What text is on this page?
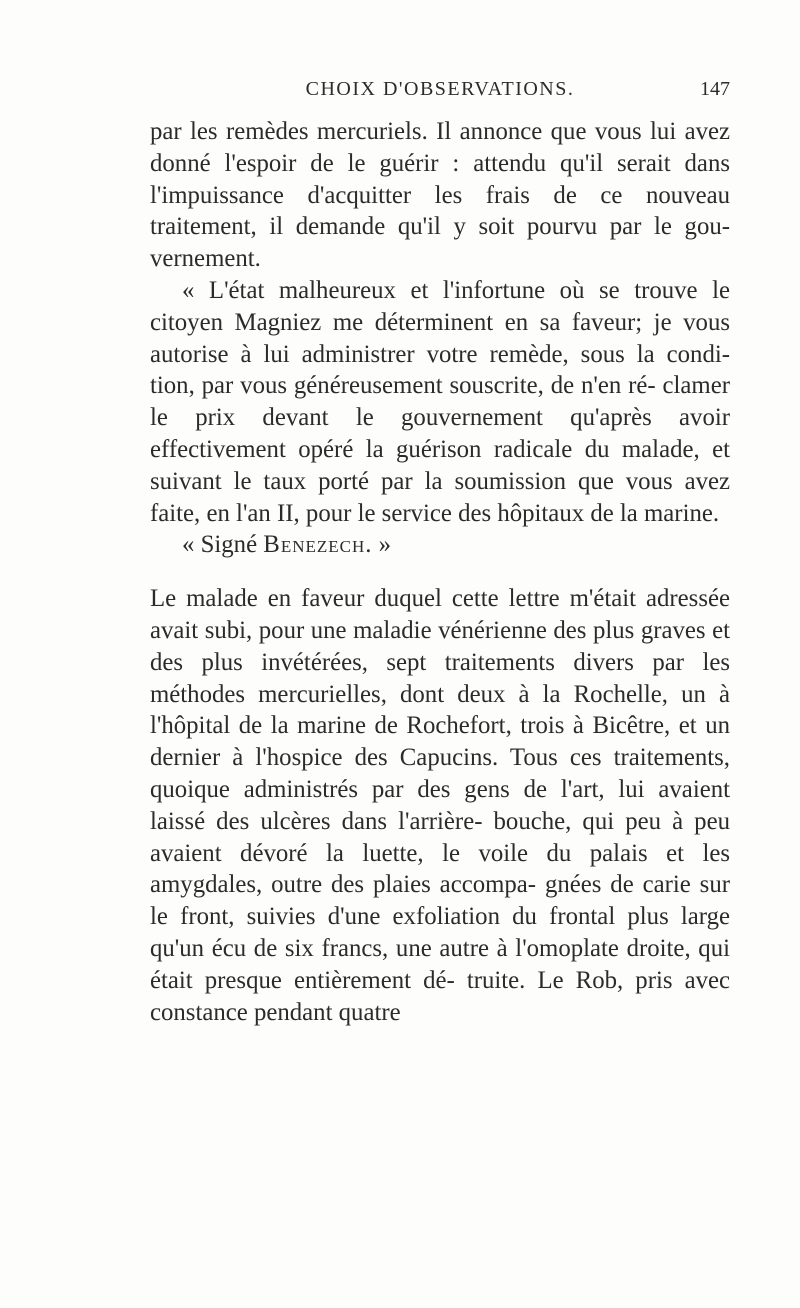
CHOIX D'OBSERVATIONS.	147

par les remèdes mercuriels. Il annonce que vous lui avez donné l'espoir de le guérir : attendu qu'il serait dans l'impuissance d'acquitter les frais de ce nouveau traitement, il demande qu'il y soit pourvu par le gou- vernement.

« L'état malheureux et l'infortune où se trouve le citoyen Magniez me déterminent en sa faveur; je vous autorise à lui administrer votre remède, sous la condi- tion, par vous généreusement souscrite, de n'en ré- clamer le prix devant le gouvernement qu'après avoir effectivement opéré la guérison radicale du malade, et suivant le taux porté par la soumission que vous avez faite, en l'an II, pour le service des hôpitaux de la marine.

« Signé Benezech. »

Le malade en faveur duquel cette lettre m'était adressée avait subi, pour une maladie vénérienne des plus graves et des plus invétérées, sept traitements divers par les méthodes mercurielles, dont deux à la Rochelle, un à l'hôpital de la marine de Rochefort, trois à Bicêtre, et un dernier à l'hospice des Capucins. Tous ces traitements, quoique administrés par des gens de l'art, lui avaient laissé des ulcères dans l'arrière- bouche, qui peu à peu avaient dévoré la luette, le voile du palais et les amygdales, outre des plaies accompa- gnées de carie sur le front, suivies d'une exfoliation du frontal plus large qu'un écu de six francs, une autre à l'omoplate droite, qui était presque entièrement dé- truite. Le Rob, pris avec constance pendant quatre
